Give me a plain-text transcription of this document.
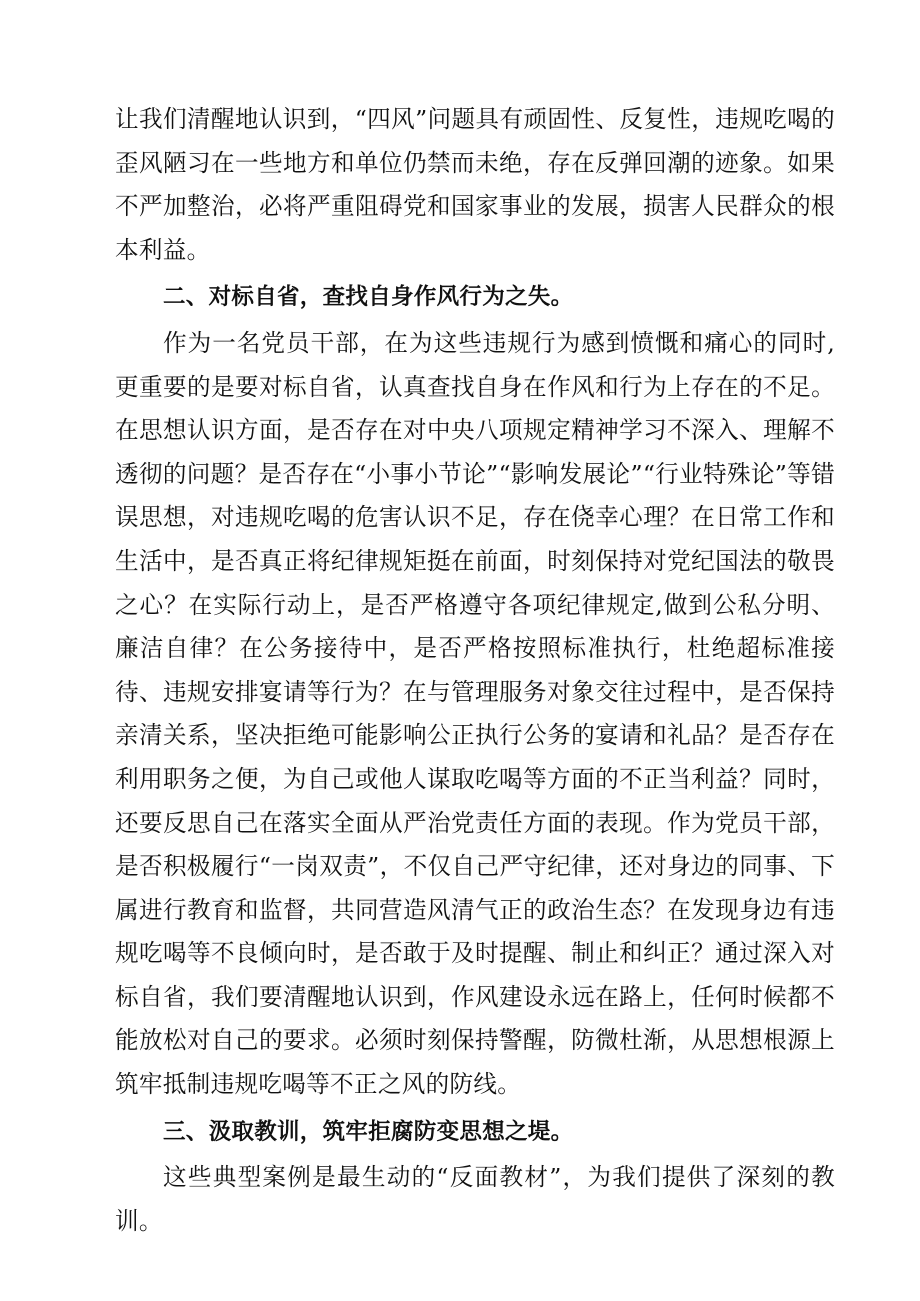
让我们清醒地认识到，“四风”问题具有顽固性、反复性，违规吃喝的歪风陋习在一些地方和单位仍禁而未绝，存在反弹回潮的迹象。如果不严加整治，必将严重阻碍党和国家事业的发展，损害人民群众的根本利益。

二、对标自省，查找自身作风行为之失。

作为一名党员干部，在为这些违规行为感到愤慨和痛心的同时,更重要的是要对标自省，认真查找自身在作风和行为上存在的不足。在思想认识方面，是否存在对中央八项规定精神学习不深入、理解不透彻的问题？是否存在“小事小节论”“影响发展论”“行业特殊论”等错误思想，对违规吃喝的危害认识不足，存在侥幸心理？在日常工作和生活中，是否真正将纪律规矩挺在前面，时刻保持对党纪国法的敬畏之心？在实际行动上，是否严格遵守各项纪律规定,做到公私分明、廉洁自律？在公务接待中，是否严格按照标准执行，杜绝超标准接待、违规安排宴请等行为？在与管理服务对象交往过程中，是否保持亲清关系，坚决拒绝可能影响公正执行公务的宴请和礼品？是否存在利用职务之便，为自己或他人谋取吃喝等方面的不正当利益？同时，还要反思自己在落实全面从严治党责任方面的表现。作为党员干部，是否积极履行“一岗双责”，不仅自己严守纪律，还对身边的同事、下属进行教育和监督，共同营造风清气正的政治生态？在发现身边有违规吃喝等不良倾向时，是否敢于及时提醒、制止和纠正？通过深入对标自省，我们要清醒地认识到，作风建设永远在路上，任何时候都不能放松对自己的要求。必须时刻保持警醒，防微杜渐，从思想根源上筑牢抵制违规吃喝等不正之风的防线。

三、汲取教训，筑牢拒腐防变思想之堤。

这些典型案例是最生动的“反面教材”，为我们提供了深刻的教训。
